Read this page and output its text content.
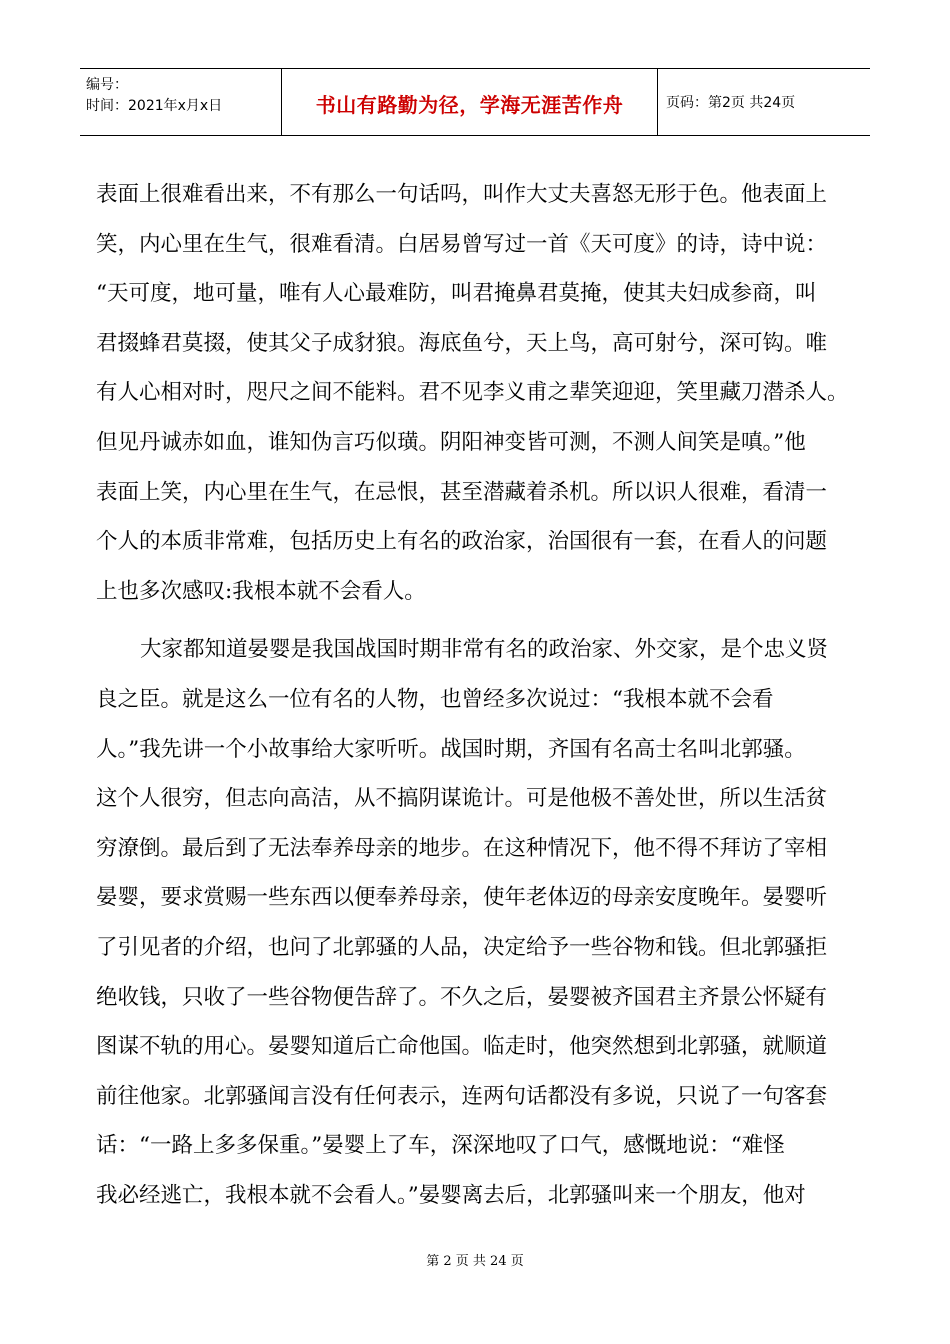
编号：
时间：2021年x月x日	书山有路勤为径，学海无涯苦作舟	页码：第2页 共24页
表面上很难看出来，不有那么一句话吗，叫作大丈夫喜怒无形于色。他表面上
笑，内心里在生气，很难看清。白居易曾写过一首《天可度》的诗，诗中说：
“天可度，地可量，唯有人心最难防，叫君掩鼻君莫掩，使其夫妇成参商，叫
君掇蜂君莫掇，使其父子成豺狼。海底鱼兮，天上鸟，高可射兮，深可钩。唯
有人心相对时，咫尺之间不能料。君不见李义甫之辈笑迎迎，笑里藏刀潜杀人。
但见丹诚赤如血，谁知伪言巧似璜。阴阳神变皆可测，不测人间笑是嗔。”他
表面上笑，内心里在生气，在忌恨，甚至潜藏着杀机。所以识人很难，看清一
个人的本质非常难，包括历史上有名的政治家，治国很有一套，在看人的问题
上也多次感叹:我根本就不会看人。
大家都知道晏婴是我国战国时期非常有名的政治家、外交家，是个忠义贤
良之臣。就是这么一位有名的人物，也曾经多次说过：“我根本就不会看
人。”我先讲一个小故事给大家听听。战国时期，齐国有名高士名叫北郭骚。
这个人很穷，但志向高洁，从不搞阴谋诡计。可是他极不善处世，所以生活贫
穷潦倒。最后到了无法奉养母亲的地步。在这种情况下，他不得不拜访了宰相
晏婴，要求赏赐一些东西以便奉养母亲，使年老体迈的母亲安度晚年。晏婴听
了引见者的介绍，也问了北郭骚的人品，决定给予一些谷物和钱。但北郭骚拒
绝收钱，只收了一些谷物便告辞了。不久之后，晏婴被齐国君主齐景公怀疑有
图谋不轨的用心。晏婴知道后亡命他国。临走时，他突然想到北郭骚，就顺道
前往他家。北郭骚闻言没有任何表示，连两句话都没有多说，只说了一句客套
话：“一路上多多保重。”晏婴上了车，深深地叹了口气，感慨地说：“难怪
我必经逃亡，我根本就不会看人。”晏婴离去后，北郭骚叫来一个朋友，他对
第 2 页 共 24 页
